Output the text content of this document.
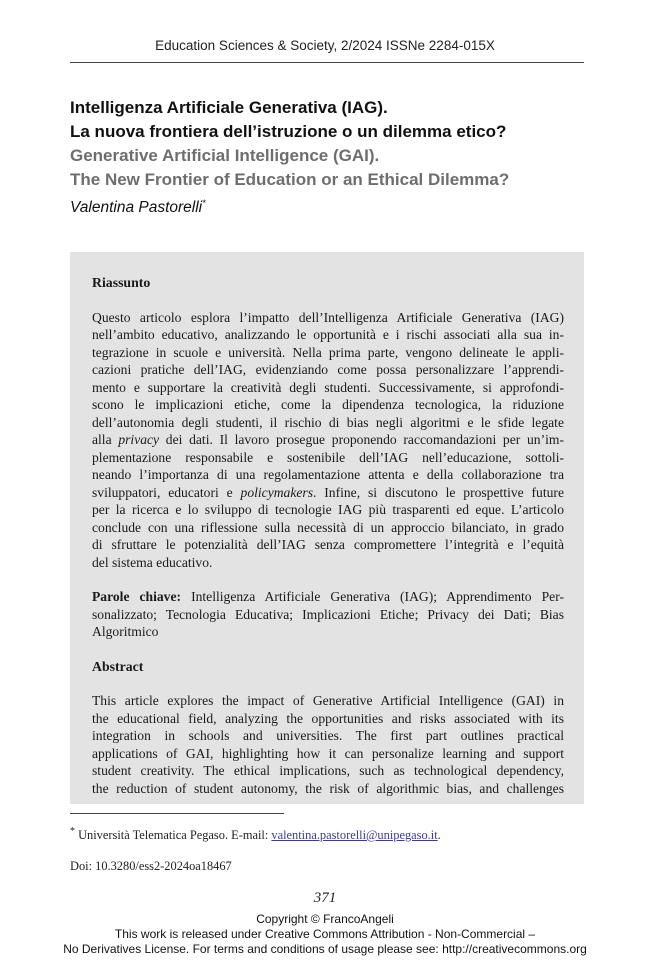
Education Sciences & Society, 2/2024 ISSNe 2284-015X
Intelligenza Artificiale Generativa (IAG).
La nuova frontiera dell’istruzione o un dilemma etico?
Generative Artificial Intelligence (GAI).
The New Frontier of Education or an Ethical Dilemma?
Valentina Pastorelli*
Riassunto
Questo articolo esplora l’impatto dell’Intelligenza Artificiale Generativa (IAG)
nell’ambito educativo, analizzando le opportunità e i rischi associati alla sua in-
tegrazione in scuole e università. Nella prima parte, vengono delineate le appli-
cazioni pratiche dell’IAG, evidenziando come possa personalizzare l’apprendi-
mento e supportare la creatività degli studenti. Successivamente, si approfondi-
scono le implicazioni etiche, come la dipendenza tecnologica, la riduzione
dell’autonomia degli studenti, il rischio di bias negli algoritmi e le sfide legate
alla privacy dei dati. Il lavoro prosegue proponendo raccomandazioni per un’im-
plementazione responsabile e sostenibile dell’IAG nell’educazione, sottoli-
neando l’importanza di una regolamentazione attenta e della collaborazione tra
sviluppatori, educatori e policymakers. Infine, si discutono le prospettive future
per la ricerca e lo sviluppo di tecnologie IAG più trasparenti ed eque. L’articolo
conclude con una riflessione sulla necessità di un approccio bilanciato, in grado
di sfruttare le potenzialità dell’IAG senza compromettere l’integrità e l’equità
del sistema educativo.
Parole chiave: Intelligenza Artificiale Generativa (IAG); Apprendimento Per-
sonalizzato; Tecnologia Educativa; Implicazioni Etiche; Privacy dei Dati; Bias
Algoritmico
Abstract
This article explores the impact of Generative Artificial Intelligence (GAI) in
the educational field, analyzing the opportunities and risks associated with its
integration in schools and universities. The first part outlines practical
applications of GAI, highlighting how it can personalize learning and support
student creativity. The ethical implications, such as technological dependency,
the reduction of student autonomy, the risk of algorithmic bias, and challenges
* Università Telematica Pegaso. E-mail: valentina.pastorelli@unipegaso.it.
Doi: 10.3280/ess2-2024oa18467
371
Copyright © FrancoAngeli
This work is released under Creative Commons Attribution - Non-Commercial –
No Derivatives License. For terms and conditions of usage please see: http://creativecommons.org
